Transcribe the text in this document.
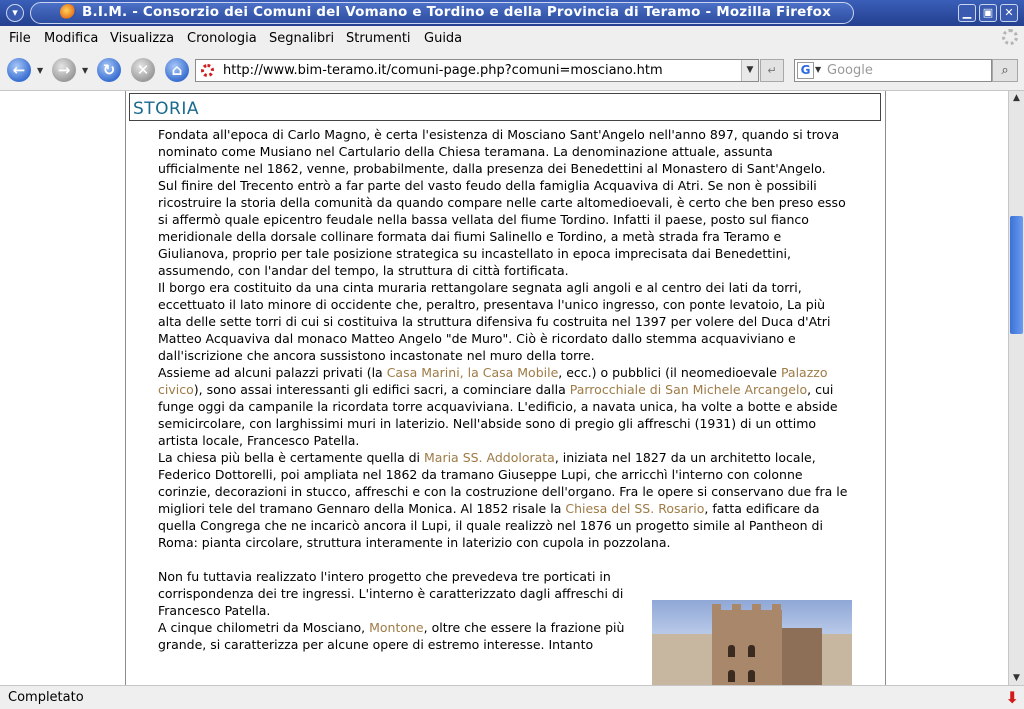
▾	B.I.M. - Consorzio dei Comuni del Vomano e Tordino e della Provincia di Teramo - Mozilla Firefox	▁	▣	✕
File Modifica Visualizza Cronologia Segnalibri Strumenti Guida
←	▼ →	▼ ↻	✕	⌂	http://www.bim-teramo.it/comuni-page.php?comuni=mosciano.htm	▼	↵	G ▼ Google	⌕
STORIA

Fondata all'epoca di Carlo Magno, è certa l'esistenza di Mosciano Sant'Angelo nell'anno 897, quando si trova nominato come Musiano nel Cartulario della Chiesa teramana. La denominazione attuale, assunta ufficialmente nel 1862, venne, probabilmente, dalla presenza dei Benedettini al Monastero di Sant'Angelo.

Sul finire del Trecento entrò a far parte del vasto feudo della famiglia Acquaviva di Atri. Se non è possibili ricostruire la storia della comunità da quando compare nelle carte altomedioevali, è certo che ben preso esso si affermò quale epicentro feudale nella bassa vellata del fiume Tordino. Infatti il paese, posto sul fianco meridionale della dorsale collinare formata dai fiumi Salinello e Tordino, a metà strada fra Teramo e Giulianova, proprio per tale posizione strategica su incastellato in epoca imprecisata dai Benedettini, assumendo, con l'andar del tempo, la struttura di città fortificata.

Il borgo era costituito da una cinta muraria rettangolare segnata agli angoli e al centro dei lati da torri, eccettuato il lato minore di occidente che, peraltro, presentava l'unico ingresso, con ponte levatoio, La più alta delle sette torri di cui si costituiva la struttura difensiva fu costruita nel 1397 per volere del Duca d'Atri Matteo Acquaviva dal monaco Matteo Angelo "de Muro". Ciò è ricordato dallo stemma acquaviviano e dall'iscrizione che ancora sussistono incastonate nel muro della torre.

Assieme ad alcuni palazzi privati (la Casa Marini, la Casa Mobile, ecc.) o pubblici (il neomedioevale Palazzo civico), sono assai interessanti gli edifici sacri, a cominciare dalla Parrocchiale di San Michele Arcangelo, cui funge oggi da campanile la ricordata torre acquaviviana. L'edificio, a navata unica, ha volte a botte e abside semicircolare, con larghissimi muri in laterizio. Nell'abside sono di pregio gli affreschi (1931) di un ottimo artista locale, Francesco Patella.

La chiesa più bella è certamente quella di Maria SS. Addolorata, iniziata nel 1827 da un architetto locale, Federico Dottorelli, poi ampliata nel 1862 da tramano Giuseppe Lupi, che arricchì l'interno con colonne corinzie, decorazioni in stucco, affreschi e con la costruzione dell'organo. Fra le opere si conservano due fra le migliori tele del tramano Gennaro della Monica. Al 1852 risale la Chiesa del SS. Rosario, fatta edificare da quella Congrega che ne incaricò ancora il Lupi, il quale realizzò nel 1876 un progetto simile al Pantheon di Roma: pianta circolare, struttura interamente in laterizio con cupola in pozzolana.

Non fu tuttavia realizzato l'intero progetto che prevedeva tre porticati in corrispondenza dei tre ingressi. L'interno è caratterizzato dagli affreschi di Francesco Patella.

A cinque chilometri da Mosciano, Montone, oltre che essere la frazione più grande, si caratterizza per alcune opere di estremo interesse. Intanto

▲
▼
Completato	⬇
